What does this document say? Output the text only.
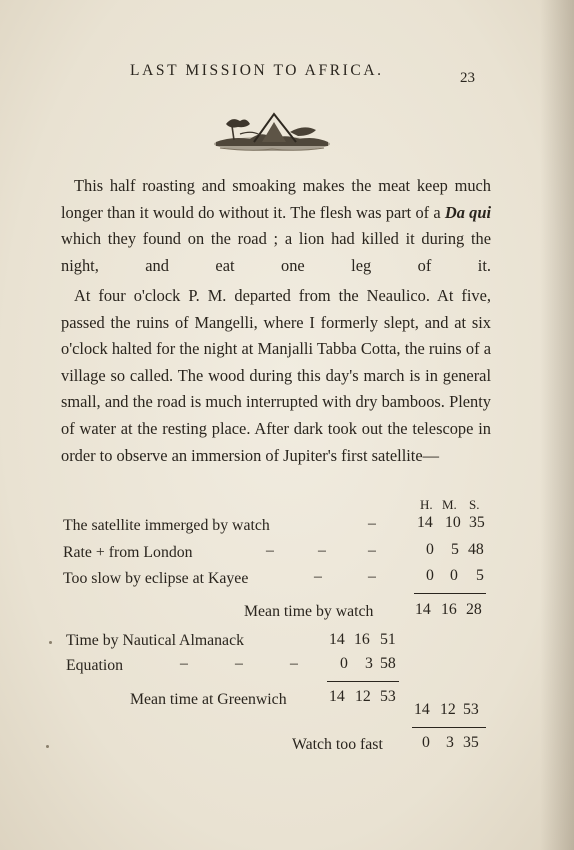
LAST MISSION TO AFRICA.	23

This half roasting and smoaking makes the meat keep much longer than it would do without it. The flesh was part of a Da qui which they found on the road ; a lion had killed it during the night, and eat one leg of it.

At four o'clock P. M. departed from the Neaulico. At five, passed the ruins of Mangelli, where I formerly slept, and at six o'clock halted for the night at Manjalli Tabba Cotta, the ruins of a village so called. The wood during this day's march is in general small, and the road is much interrupted with dry bamboos. Plenty of water at the resting place. After dark took out the telescope in order to observe an immersion of Jupiter's first satellite—

H. M. S.
The satellite immerged by watch	–	14 10 35
Rate + from London	–	–	–	0 5 48
Too slow by eclipse at Kayee	–	–	0 0 5
Mean time by watch	14 16 28
Time by Nautical Almanack	14 16 51
Equation	–	–	–	0 3 58
Mean time at Greenwich	14 12 53
14 12 53
Watch too fast 0 3 35
